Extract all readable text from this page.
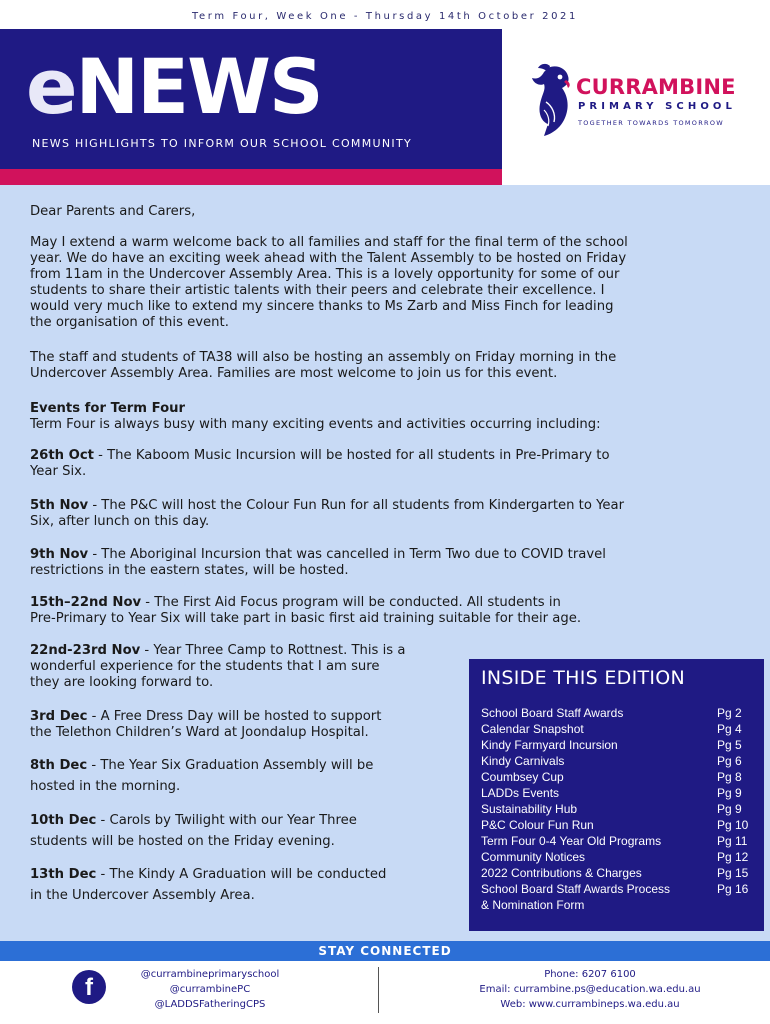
Term Four, Week One - Thursday 14th October 2021
eNEWS
NEWS HIGHLIGHTS TO INFORM OUR SCHOOL COMMUNITY
CURRAMBINE
PRIMARY SCHOOL
TOGETHER TOWARDS TOMORROW
Dear Parents and Carers,
May I extend a warm welcome back to all families and staff for the final term of the school
year. We do have an exciting week ahead with the Talent Assembly to be hosted on Friday
from 11am in the Undercover Assembly Area. This is a lovely opportunity for some of our
students to share their artistic talents with their peers and celebrate their excellence. I
would very much like to extend my sincere thanks to Ms Zarb and Miss Finch for leading
the organisation of this event.
The staff and students of TA38 will also be hosting an assembly on Friday morning in the
Undercover Assembly Area. Families are most welcome to join us for this event.
Events for Term Four
Term Four is always busy with many exciting events and activities occurring including:
26th Oct - The Kaboom Music Incursion will be hosted for all students in Pre-Primary to
Year Six.
5th Nov - The P&C will host the Colour Fun Run for all students from Kindergarten to Year
Six, after lunch on this day.
9th Nov - The Aboriginal Incursion that was cancelled in Term Two due to COVID travel
restrictions in the eastern states, will be hosted.
15th–22nd Nov - The First Aid Focus program will be conducted. All students in
Pre-Primary to Year Six will take part in basic first aid training suitable for their age.
22nd-23rd Nov - Year Three Camp to Rottnest. This is a
wonderful experience for the students that I am sure
they are looking forward to.
3rd Dec - A Free Dress Day will be hosted to support
the Telethon Children’s Ward at Joondalup Hospital.
8th Dec - The Year Six Graduation Assembly will be
hosted in the morning.
10th Dec - Carols by Twilight with our Year Three
students will be hosted on the Friday evening.
13th Dec - The Kindy A Graduation will be conducted
in the Undercover Assembly Area.
INSIDE THIS EDITION
School Board Staff Awards	Pg 2
Calendar Snapshot	Pg 4
Kindy Farmyard Incursion	Pg 5
Kindy Carnivals	Pg 6
Coumbsey Cup	Pg 8
LADDs Events	Pg 9
Sustainability Hub	Pg 9
P&C Colour Fun Run	Pg 10
Term Four 0-4 Year Old Programs	Pg 11
Community Notices	Pg 12
2022 Contributions & Charges	Pg 15
School Board Staff Awards Process	Pg 16
& Nomination Form
STAY CONNECTED
f	@currambineprimaryschool
@currambinePC
@LADDSFatheringCPS
Phone: 6207 6100
Email: currambine.ps@education.wa.edu.au
Web: www.currambineps.wa.edu.au
